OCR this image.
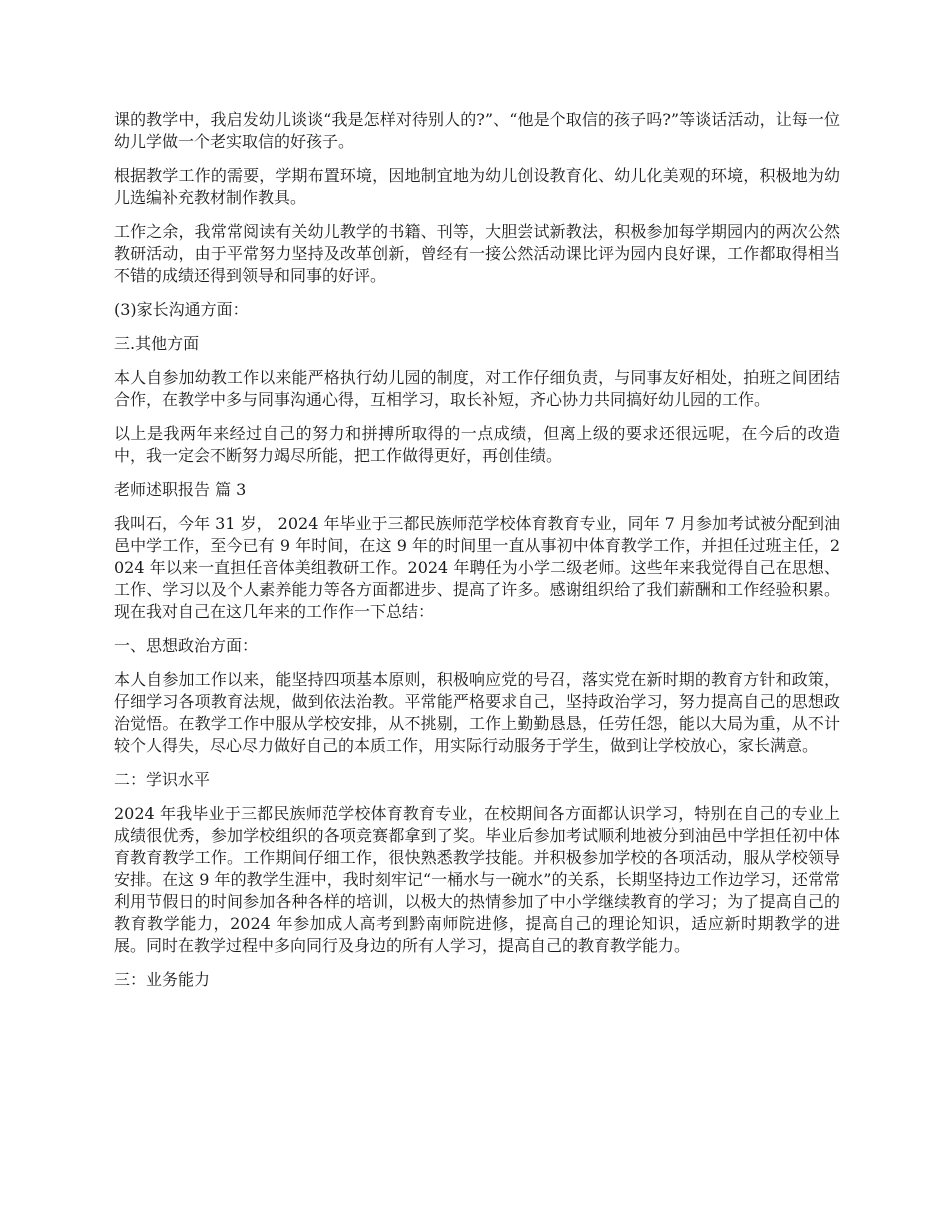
课的教学中，我启发幼儿谈谈“我是怎样对待别人的?”、“他是个取信的孩子吗?”等谈话活动，让每一位幼儿学做一个老实取信的好孩子。

根据教学工作的需要，学期布置环境，因地制宜地为幼儿创设教育化、幼儿化美观的环境，积极地为幼儿选编补充教材制作教具。

工作之余，我常常阅读有关幼儿教学的书籍、刊等，大胆尝试新教法，积极参加每学期园内的两次公然教研活动，由于平常努力坚持及改革创新，曾经有一接公然活动课比评为园内良好课，工作都取得相当不错的成绩还得到领导和同事的好评。

(3)家长沟通方面：

三.其他方面

本人自参加幼教工作以来能严格执行幼儿园的制度，对工作仔细负责，与同事友好相处，拍班之间团结合作，在教学中多与同事沟通心得，互相学习，取长补短，齐心协力共同搞好幼儿园的工作。

以上是我两年来经过自己的努力和拼搏所取得的一点成绩，但离上级的要求还很远呢，在今后的改造中，我一定会不断努力竭尽所能，把工作做得更好，再创佳绩。

老师述职报告 篇 3

我叫石，今年 31 岁， 2024 年毕业于三都民族师范学校体育教育专业，同年 7 月参加考试被分配到油邑中学工作，至今已有 9 年时间，在这 9 年的时间里一直从事初中体育教学工作，并担任过班主任，2024 年以来一直担任音体美组教研工作。2024 年聘任为小学二级老师。这些年来我觉得自己在思想、工作、学习以及个人素养能力等各方面都进步、提高了许多。感谢组织给了我们薪酬和工作经验积累。现在我对自己在这几年来的工作作一下总结：

一、思想政治方面：

本人自参加工作以来，能坚持四项基本原则，积极响应党的号召，落实党在新时期的教育方针和政策，仔细学习各项教育法规，做到依法治教。平常能严格要求自己，坚持政治学习，努力提高自己的思想政治觉悟。在教学工作中服从学校安排，从不挑剔，工作上勤勤恳恳，任劳任怨，能以大局为重，从不计较个人得失，尽心尽力做好自己的本质工作，用实际行动服务于学生，做到让学校放心，家长满意。

二：学识水平

2024 年我毕业于三都民族师范学校体育教育专业，在校期间各方面都认识学习，特别在自己的专业上成绩很优秀，参加学校组织的各项竞赛都拿到了奖。毕业后参加考试顺利地被分到油邑中学担任初中体育教育教学工作。工作期间仔细工作，很快熟悉教学技能。并积极参加学校的各项活动，服从学校领导安排。在这 9 年的教学生涯中，我时刻牢记“一桶水与一碗水”的关系，长期坚持边工作边学习，还常常利用节假日的时间参加各种各样的培训，以极大的热情参加了中小学继续教育的学习；为了提高自己的教育教学能力，2024 年参加成人高考到黔南师院进修，提高自己的理论知识，适应新时期教学的进展。同时在教学过程中多向同行及身边的所有人学习，提高自己的教育教学能力。

三：业务能力
